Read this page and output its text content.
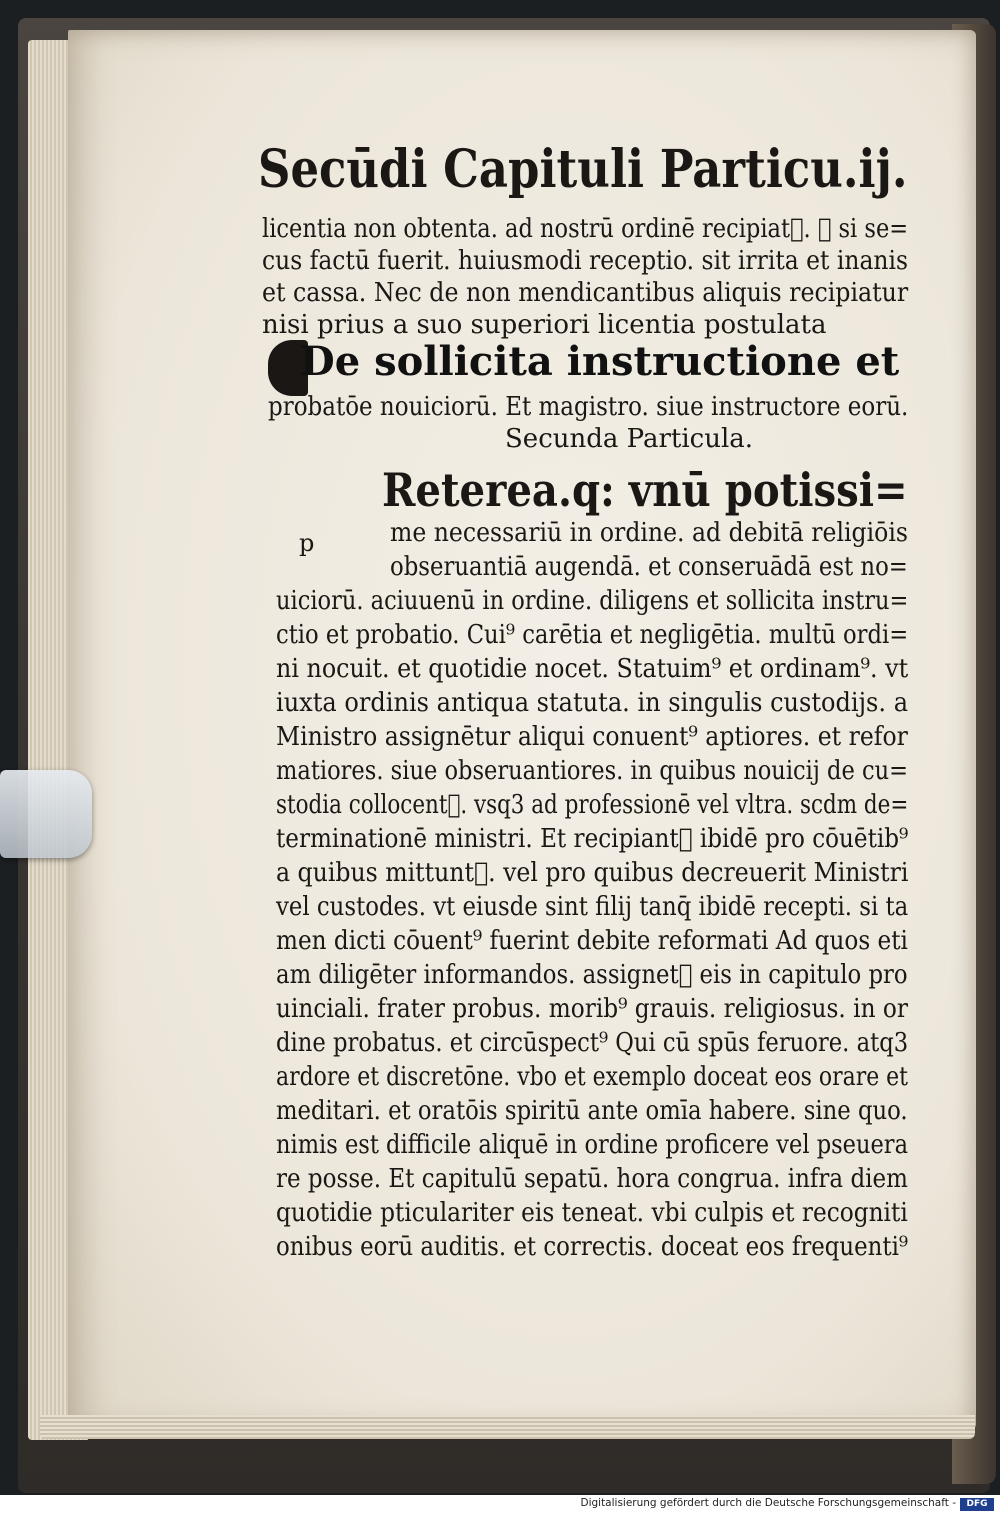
Secūdi Capituli Particu.ij.
licentia non obtenta. ad nostrū ordinē recipiat᷑. ꝙ si se=
cus factū fuerit. huiusmodi receptio. sit irrita et inanis
et cassa. Nec de non mendicantibus aliquis recipiatur
nisi prius a suo superiori licentia postulata
De sollicita instructione et
probatōe nouiciorū. Et magistro. siue instructore eorū.
Secunda Particula.
Reterea.q: vnū potissi=
p	me necessariū in ordine. ad debitā religiōis
obseruantiā augendā. et conseruādā est no=
uiciorū. aciuuenū in ordine. diligens et sollicita instru=
ctio et probatio. Cui⁹ carētia et negligētia. multū ordi=
ni nocuit. et quotidie nocet. Statuim⁹ et ordinam⁹. vt
iuxta ordinis antiqua statuta. in singulis custodijs. a
Ministro assignētur aliqui conuent⁹ aptiores. et refor
matiores. siue obseruantiores. in quibus nouicij de cu=
stodia collocent᷑. vsq3 ad professionē vel vltra. scdm de=
terminationē ministri. Et recipiant᷑ ibidē pro cōuētib⁹
a quibus mittunt᷑. vel pro quibus decreuerit Ministri
vel custodes. vt eiusde sint filij tanq̄ ibidē recepti. si ta
men dicti cōuent⁹ fuerint debite reformati Ad quos eti
am diligēter informandos. assignet᷑ eis in capitulo pro
uinciali. frater probus. morib⁹ grauis. religiosus. in or
dine probatus. et circūspect⁹ Qui cū spūs feruore. atq3
ardore et discretōne. vbo et exemplo doceat eos orare et
meditari. et oratōis spiritū ante omīa habere. sine quo.
nimis est difficile aliquē in ordine proficere vel pseuera
re posse. Et capitulū sepatū. hora congrua. infra diem
quotidie pticulariter eis teneat. vbi culpis et recogniti
onibus eorū auditis. et correctis. doceat eos frequenti⁹
Digitalisierung gefördert durch die Deutsche Forschungsgemeinschaft -	DFG
